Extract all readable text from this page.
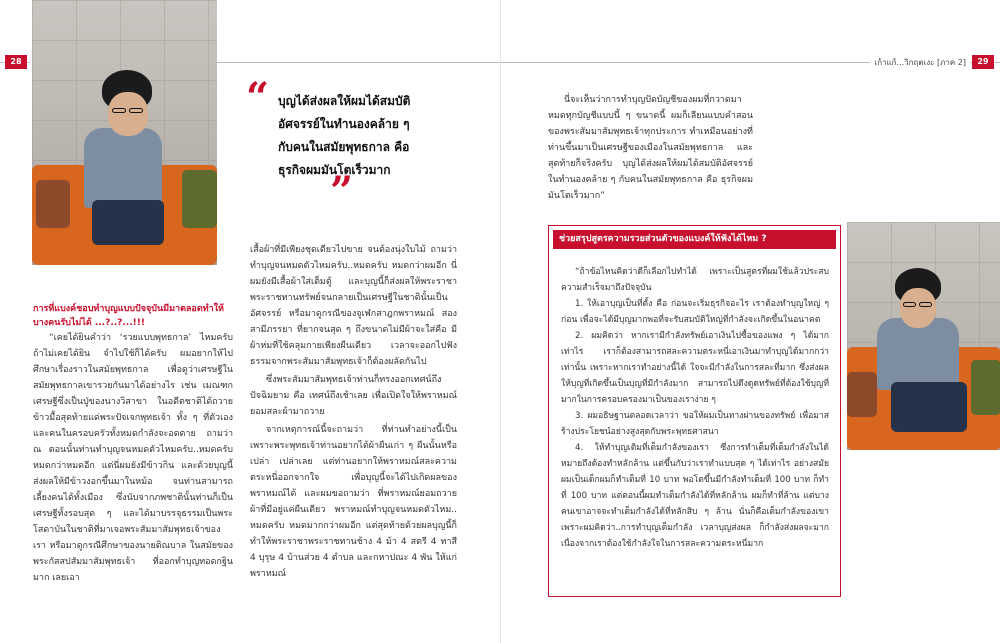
28
การที่แบงค์ชอบทำบุญแบบปัจจุบันมีมาตลอดทำให้บางคนรับไม่ได้ ...?..?...!!!

“เคยได้ยินคำว่า ‘รวยแบบพุทธกาล’ ไหมครับ ถ้าไม่เคยได้ยิน จำไปใช้ก็ได้ครับ ผมอยากให้ไปศึกษาเรื่องราวในสมัยพุทธกาล เพื่อดูว่าเศรษฐีในสมัยพุทธกาลเขารวยกันมาได้อย่างไร เช่น เมณฑกเศรษฐีซึ่งเป็นปู่ของนางวิสาขา ในอดีตชาติได้ถวายข้าวมื้อสุดท้ายแด่พระปัจเจกพุทธเจ้า ทั้ง ๆ ที่ตัวเองและคนในครอบครัวทั้งหมดกำลังจะอดตาย ถามว่า ณ ตอนนั้นท่านทำบุญจนหมดตัวไหมครับ..หมดครับ หมดกว่าหมดอีก แต่นี่ผมยังมีข้าวกิน และด้วยบุญนี้ส่งผลให้มีข้าวงอกขึ้นมาในหม้อ จนท่านสามารถเลี้ยงคนได้ทั้งเมือง ซึ่งนับจากภพชาตินั้นท่านก็เป็นเศรษฐีทั้งรอบสุด ๆ และได้มาบรรจุธรรมเป็นพระโสดาบันในชาติที่มาเจอพระสัมมาสัมพุทธเจ้าของเรา หรือมาดูกรณีศึกษาของนายติณบาล ในสมัยของพระกัสสปสัมมาสัมพุทธเจ้า ที่ออกทำบุญทอดกฐินมาก เลยเอา

“ บุญได้ส่งผลให้ผมได้สมบัติอัศจรรย์ในทำนองคล้าย ๆ กับคนในสมัยพุทธกาล คือ ธุรกิจผมมันโตเร็วมาก
”

เสื้อผ้าที่มีเพียงชุดเดียวไปขาย จนต้องนุ่งใบไม้ ถามว่าทำบุญจนหมดตัวไหมครับ..หมดครับ หมดกว่าผมอีก นี่ผมยังมีเสื้อผ้าใส่เต็มตู้ และบุญนี้ก็ส่งผลให้พระราชาพระราชทานทรัพย์จนกลายเป็นเศรษฐีในชาตินั้นเป็นอัศจรรย์ หรือมาดูกรณีของจูเฬกสาฎกพราหมณ์ สองสามีภรรยา ที่ยากจนสุด ๆ ถึงขนาดไม่มีผ้าจะใส่คือ มีผ้าห่มที่ใช้คลุมกายเพียงผืนเดียว เวลาจะออกไปฟังธรรมจากพระสัมมาสัมพุทธเจ้าก็ต้องผลัดกันไป

ซึ่งพระสัมมาสัมพุทธเจ้าท่านก็ทรงออกเทศน์ถึงปัจฉิมยาม คือ เทศน์ถึงเช้าเลย เพื่อเปิดใจให้พราหมณ์ยอมสละผ้ามาถวาย

จากเหตุการณ์นี้จะถามว่า ที่ท่านทำอย่างนี้เป็นเพราะพระพุทธเจ้าท่านอยากได้ผ้าผืนเก่า ๆ ผืนนั้นหรือเปล่า เปล่าเลย แต่ท่านอยากให้พราหมณ์สละความตระหนี่ออกจากใจ เพื่อบุญนี้จะได้ไปเกิดผลของพราหมณ์ได้ และผมขอถามว่า ที่พราหมณ์ยอมถวายผ้าที่มีอยู่แค่ผืนเดียว พราหมณ์ทำบุญจนหมดตัวไหม.. หมดครับ หมดมากกว่าผมอีก แต่สุดท้ายด้วยผลบุญนี้ก็ทำให้พระราชาพระราชทานช้าง 4 ม้า 4 สตรี 4 ทาสี 4 บุรุษ 4 บ้านส่วย 4 ตำบล และกหาปณะ 4 พัน ให้แก่พราหมณ์

เก้าแก้...วิกฤตเงะ [ภาค 2]	29

นี่จะเห็นว่าการทำบุญปัดบัญชีของผมที่กวาดมาหมดทุกบัญชีแบบนี้ ๆ ขนาดนี้ ผมก็เลียนแบบคำสอนของพระสัมมาสัมพุทธเจ้าทุกประการ ทำเหมือนอย่างที่ท่านขึ้นมาเป็นเศรษฐีของเมืองในสมัยพุทธกาล และสุดท้ายก็จริงครับ บุญได้ส่งผลให้ผมได้สมบัติอัศจรรย์ในทำนองคล้าย ๆ กับคนในสมัยพุทธกาล คือ ธุรกิจผมมันโตเร็วมาก”

ช่วยสรุปสูตรความรวยส่วนตัวของแบงค์ให้ฟังได้ไหม ?

“ถ้าข้อไหนคิดว่าดีก็เลือกไปทำได้ เพราะเป็นสูตรที่ผมใช้แล้วประสบความสำเร็จมาถึงปัจจุบัน

1. ให้เอาบุญเป็นที่ตั้ง คือ ก่อนจะเริ่มธุรกิจอะไร เราต้องทำบุญใหญ่ ๆ ก่อน เพื่อจะได้มีบุญมากพอที่จะรับสมบัติใหญ่ที่กำลังจะเกิดขึ้นในอนาคต

2. ผมคิดว่า หากเรามีกำลังทรัพย์เอาเงินไปซื้อของแพง ๆ ได้มากเท่าไร เราก็ต้องสามารถสละความตระหนี่เอาเงินมาทำบุญได้มากกว่าเท่านั้น เพราะหากเราทำอย่างนี้ได้ ใจจะมีกำลังในการสละที่มาก ซึ่งส่งผลให้บุญที่เกิดขึ้นเป็นบุญที่มีกำลังมาก สามารถไปดึงดูดทรัพย์ที่ต้องใช้บุญที่มากในการครอบครองมาเป็นของเราง่าย ๆ

3. ผมอธิษฐานตลอดเวลาว่า ขอให้ผมเป็นทางผ่านของทรัพย์ เพื่อมาสร้างประโยชน์อย่างสูงสุดกับพระพุทธศาสนา

4. ให้ทำบุญเติมที่เต็มกำลังของเรา ซึ่งการทำเต็มที่เต็มกำลังในได้หมายถึงต้องทำหลักล้าน แต่ขึ้นกับว่าเราทำแบบสุด ๆ ได้เท่าไร อย่างสมัยผมเป็นเด็กผมก็ทำเต็มที่ 10 บาท พอโตขึ้นมีกำลังทำเต็มที่ 100 บาท ก็ทำที่ 100 บาท แต่ตอนนี้ผมทำเต็มกำลังได้ที่หลักล้าน ผมก็ทำที่ล้าน แต่บางคนเขาอาจจะทำเต็มกำลังได้ที่หลักสิบ ๆ ล้าน นั่นก็คือเต็มกำลังของเขา เพราะผมคิดว่า..การทำบุญเต็มกำลัง เวลาบุญส่งผล ก็กำลังส่งผลจะมาก เนื่องจากเราต้องใช้กำลังใจในการสละความตระหนี่มาก
